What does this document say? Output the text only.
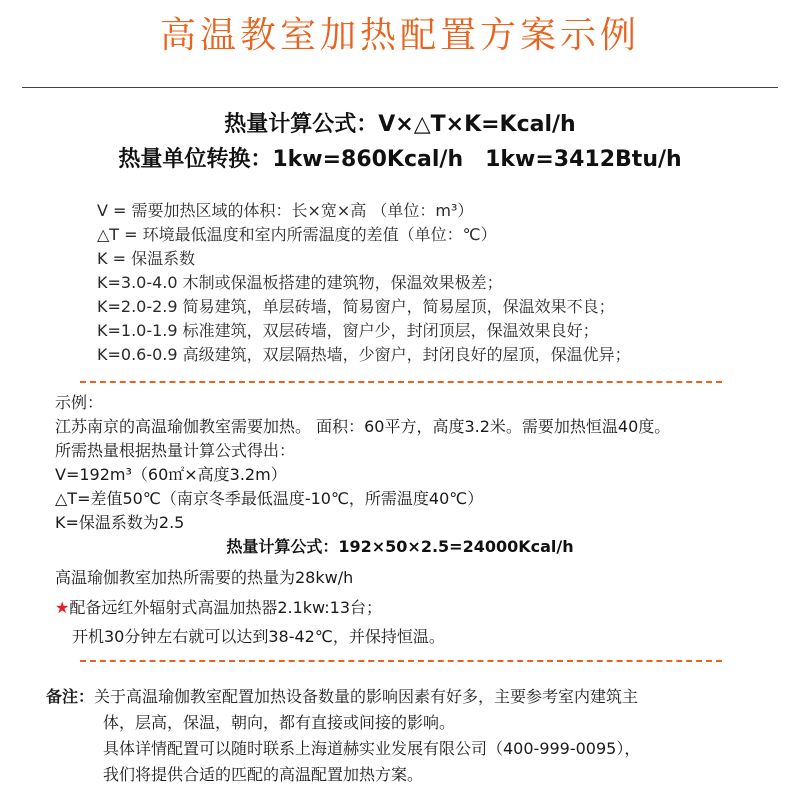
高温教室加热配置方案示例
热量计算公式：V×△T×K=Kcal/h
热量单位转换：1kw=860Kcal/h　1kw=3412Btu/h
V = 需要加热区域的体积：长×宽×高 （单位：m³）
△T = 环境最低温度和室内所需温度的差值（单位：℃）
K = 保温系数
K=3.0-4.0 木制或保温板搭建的建筑物，保温效果极差；
K=2.0-2.9 简易建筑，单层砖墙，简易窗户，简易屋顶，保温效果不良；
K=1.0-1.9 标准建筑，双层砖墙，窗户少，封闭顶层，保温效果良好；
K=0.6-0.9 高级建筑，双层隔热墙，少窗户，封闭良好的屋顶，保温优异；
示例：
江苏南京的高温瑜伽教室需要加热。 面积：60平方，高度3.2米。需要加热恒温40度。
所需热量根据热量计算公式得出：
V=192m³（60㎡×高度3.2m）
△T=差值50℃（南京冬季最低温度-10℃，所需温度40℃）
K=保温系数为2.5
热量计算公式：192×50×2.5=24000Kcal/h
高温瑜伽教室加热所需要的热量为28kw/h
★配备远红外辐射式高温加热器2.1kw:13台；
开机30分钟左右就可以达到38-42℃，并保持恒温。
备注：关于高温瑜伽教室配置加热设备数量的影响因素有好多，主要参考室内建筑主
体，层高，保温，朝向，都有直接或间接的影响。
具体详情配置可以随时联系上海道赫实业发展有限公司（400-999-0095），
我们将提供合适的匹配的高温配置加热方案。
